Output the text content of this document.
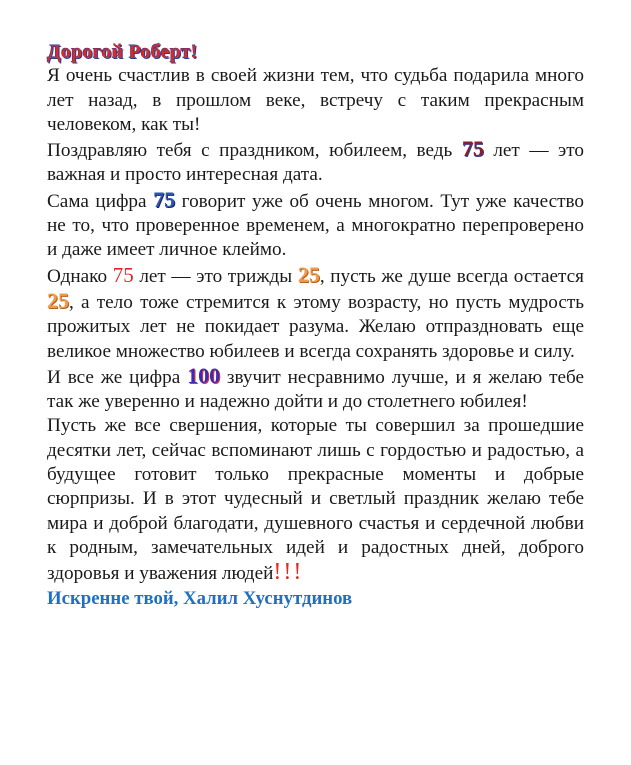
Дорогой Роберт!
Я очень счастлив в своей жизни тем, что судьба подарила много лет назад, в прошлом веке, встречу с таким прекрасным человеком, как ты!
Поздравляю тебя с праздником, юбилеем, ведь 75 лет — это важная и просто интересная дата.
Сама цифра 75 говорит уже об очень многом. Тут уже качество не то, что проверенное временем, а многократно перепроверено и даже имеет личное клеймо.
Однако 75 лет — это трижды 25, пусть же душе всегда остается 25, а тело тоже стремится к этому возрасту, но пусть мудрость прожитых лет не покидает разума. Желаю отпраздновать еще великое множество юбилеев и всегда сохранять здоровье и силу.
И все же цифра 100 звучит несравнимо лучше, и я желаю тебе так же уверенно и надежно дойти и до столетнего юбилея!
Пусть же все свершения, которые ты совершил за прошедшие десятки лет, сейчас вспоминают лишь с гордостью и радостью, а будущее готовит только прекрасные моменты и добрые сюрпризы. И в этот чудесный и светлый праздник желаю тебе мира и доброй благодати, душевного счастья и сердечной любви к родным, замечательных идей и радостных дней, доброго здоровья и уважения людей!!!
Искренне твой, Халил Хуснутдинов
